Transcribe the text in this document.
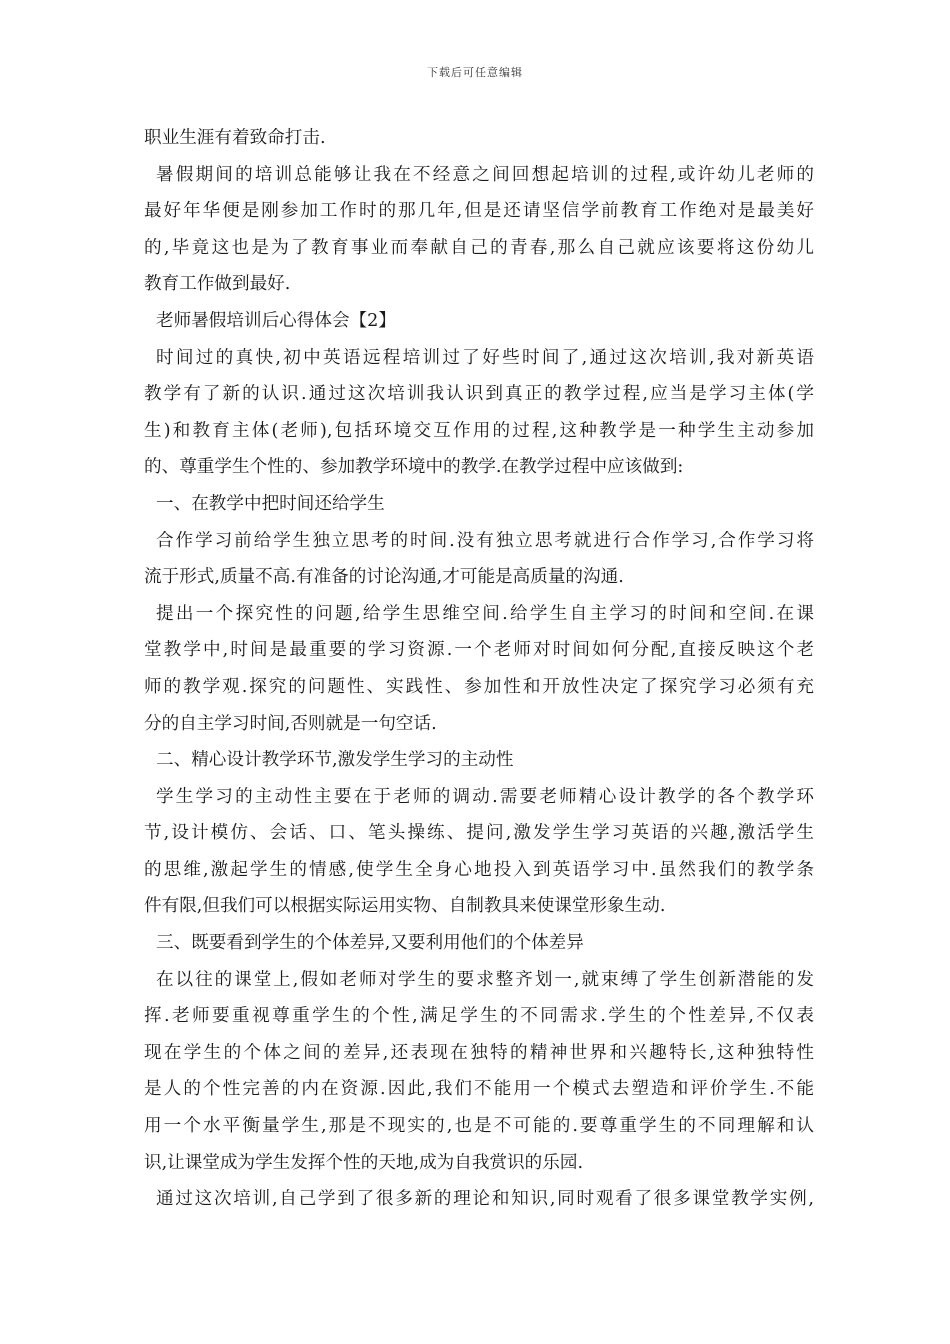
下载后可任意编辑
职业生涯有着致命打击.
暑假期间的培训总能够让我在不经意之间回想起培训的过程,或许幼儿老师的
最好年华便是刚参加工作时的那几年,但是还请坚信学前教育工作绝对是最美好
的,毕竟这也是为了教育事业而奉献自己的青春,那么自己就应该要将这份幼儿
教育工作做到最好.
老师暑假培训后心得体会【2】
时间过的真快,初中英语远程培训过了好些时间了,通过这次培训,我对新英语
教学有了新的认识.通过这次培训我认识到真正的教学过程,应当是学习主体(学
生)和教育主体(老师),包括环境交互作用的过程,这种教学是一种学生主动参加
的、尊重学生个性的、参加教学环境中的教学.在教学过程中应该做到:
一、在教学中把时间还给学生
合作学习前给学生独立思考的时间.没有独立思考就进行合作学习,合作学习将
流于形式,质量不高.有准备的讨论沟通,才可能是高质量的沟通.
提出一个探究性的问题,给学生思维空间.给学生自主学习的时间和空间.在课
堂教学中,时间是最重要的学习资源.一个老师对时间如何分配,直接反映这个老
师的教学观.探究的问题性、实践性、参加性和开放性决定了探究学习必须有充
分的自主学习时间,否则就是一句空话.
二、精心设计教学环节,激发学生学习的主动性
学生学习的主动性主要在于老师的调动.需要老师精心设计教学的各个教学环
节,设计模仿、会话、口、笔头操练、提问,激发学生学习英语的兴趣,激活学生
的思维,激起学生的情感,使学生全身心地投入到英语学习中.虽然我们的教学条
件有限,但我们可以根据实际运用实物、自制教具来使课堂形象生动.
三、既要看到学生的个体差异,又要利用他们的个体差异
在以往的课堂上,假如老师对学生的要求整齐划一,就束缚了学生创新潜能的发
挥.老师要重视尊重学生的个性,满足学生的不同需求.学生的个性差异,不仅表
现在学生的个体之间的差异,还表现在独特的精神世界和兴趣特长,这种独特性
是人的个性完善的内在资源.因此,我们不能用一个模式去塑造和评价学生.不能
用一个水平衡量学生,那是不现实的,也是不可能的.要尊重学生的不同理解和认
识,让课堂成为学生发挥个性的天地,成为自我赏识的乐园.
通过这次培训,自己学到了很多新的理论和知识,同时观看了很多课堂教学实例,
